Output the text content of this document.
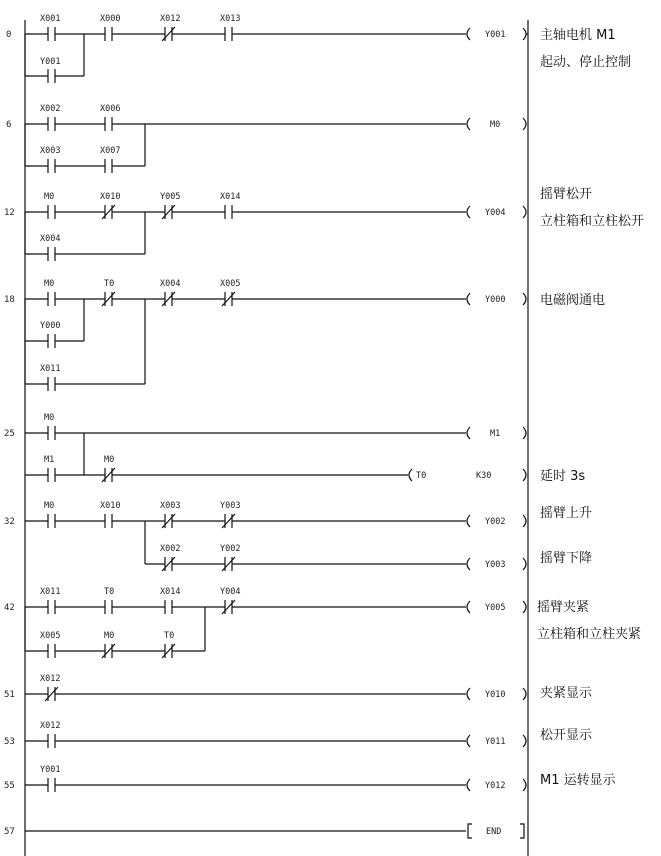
0
X001	X000	X012	X013
Y001
Y001	主轴电机 M1
起动、停止控制
6
X002	X006
X003	X007
M0
12
M0	X010	Y005	X014
X004
Y004
摇臂松开
立柱箱和立柱松开
18
M0	T0	X004	X005
Y000
X011
Y000	电磁阀通电
25
M0
M1	M0
M1
T0	K30	延时 3s
32
M0	X010	X003	Y003
X002	Y002
Y002
Y003
摇臂上升
摇臂下降
42
X011	T0	X014	Y004
X005	M0	T0
Y005 摇臂夹紧
立柱箱和立柱夹紧
51
X012
Y010	夹紧显示
53
X012
Y011	松开显示
55
Y001
Y012	M1 运转显示
57	END
